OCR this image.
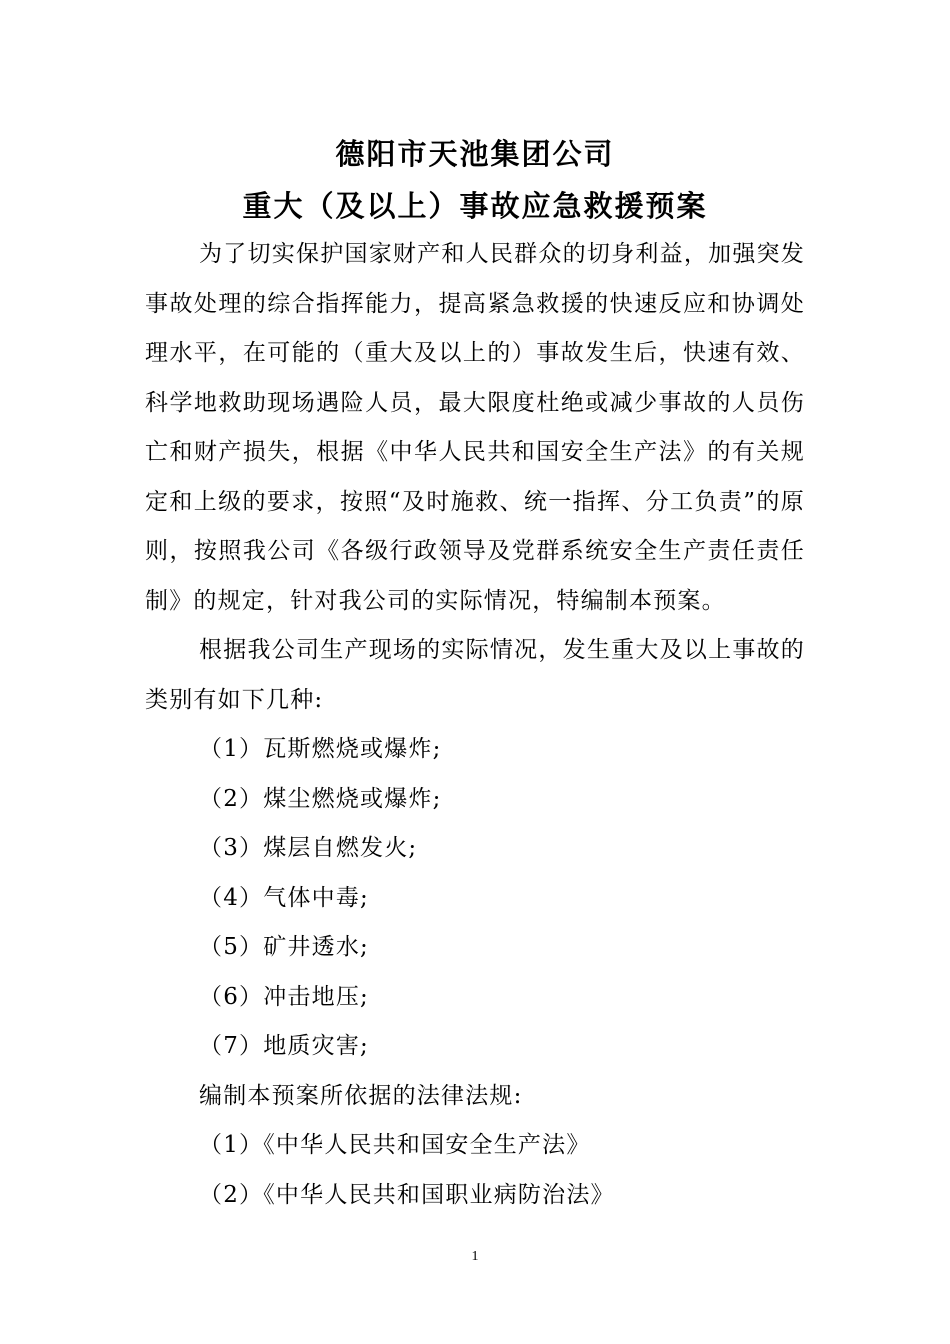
德阳市天池集团公司
重大（及以上）事故应急救援预案

为了切实保护国家财产和人民群众的切身利益，加强突发事故处理的综合指挥能力，提高紧急救援的快速反应和协调处理水平，在可能的（重大及以上的）事故发生后，快速有效、科学地救助现场遇险人员，最大限度杜绝或减少事故的人员伤亡和财产损失，根据《中华人民共和国安全生产法》的有关规定和上级的要求，按照“及时施救、统一指挥、分工负责”的原则，按照我公司《各级行政领导及党群系统安全生产责任责任制》的规定，针对我公司的实际情况，特编制本预案。

根据我公司生产现场的实际情况，发生重大及以上事故的类别有如下几种:

（1）瓦斯燃烧或爆炸;

（2）煤尘燃烧或爆炸;

（3）煤层自燃发火;

（4）气体中毒;

（5）矿井透水;

（6）冲击地压;

（7）地质灾害;

编制本预案所依据的法律法规:

（1）《中华人民共和国安全生产法》

（2）《中华人民共和国职业病防治法》

1
